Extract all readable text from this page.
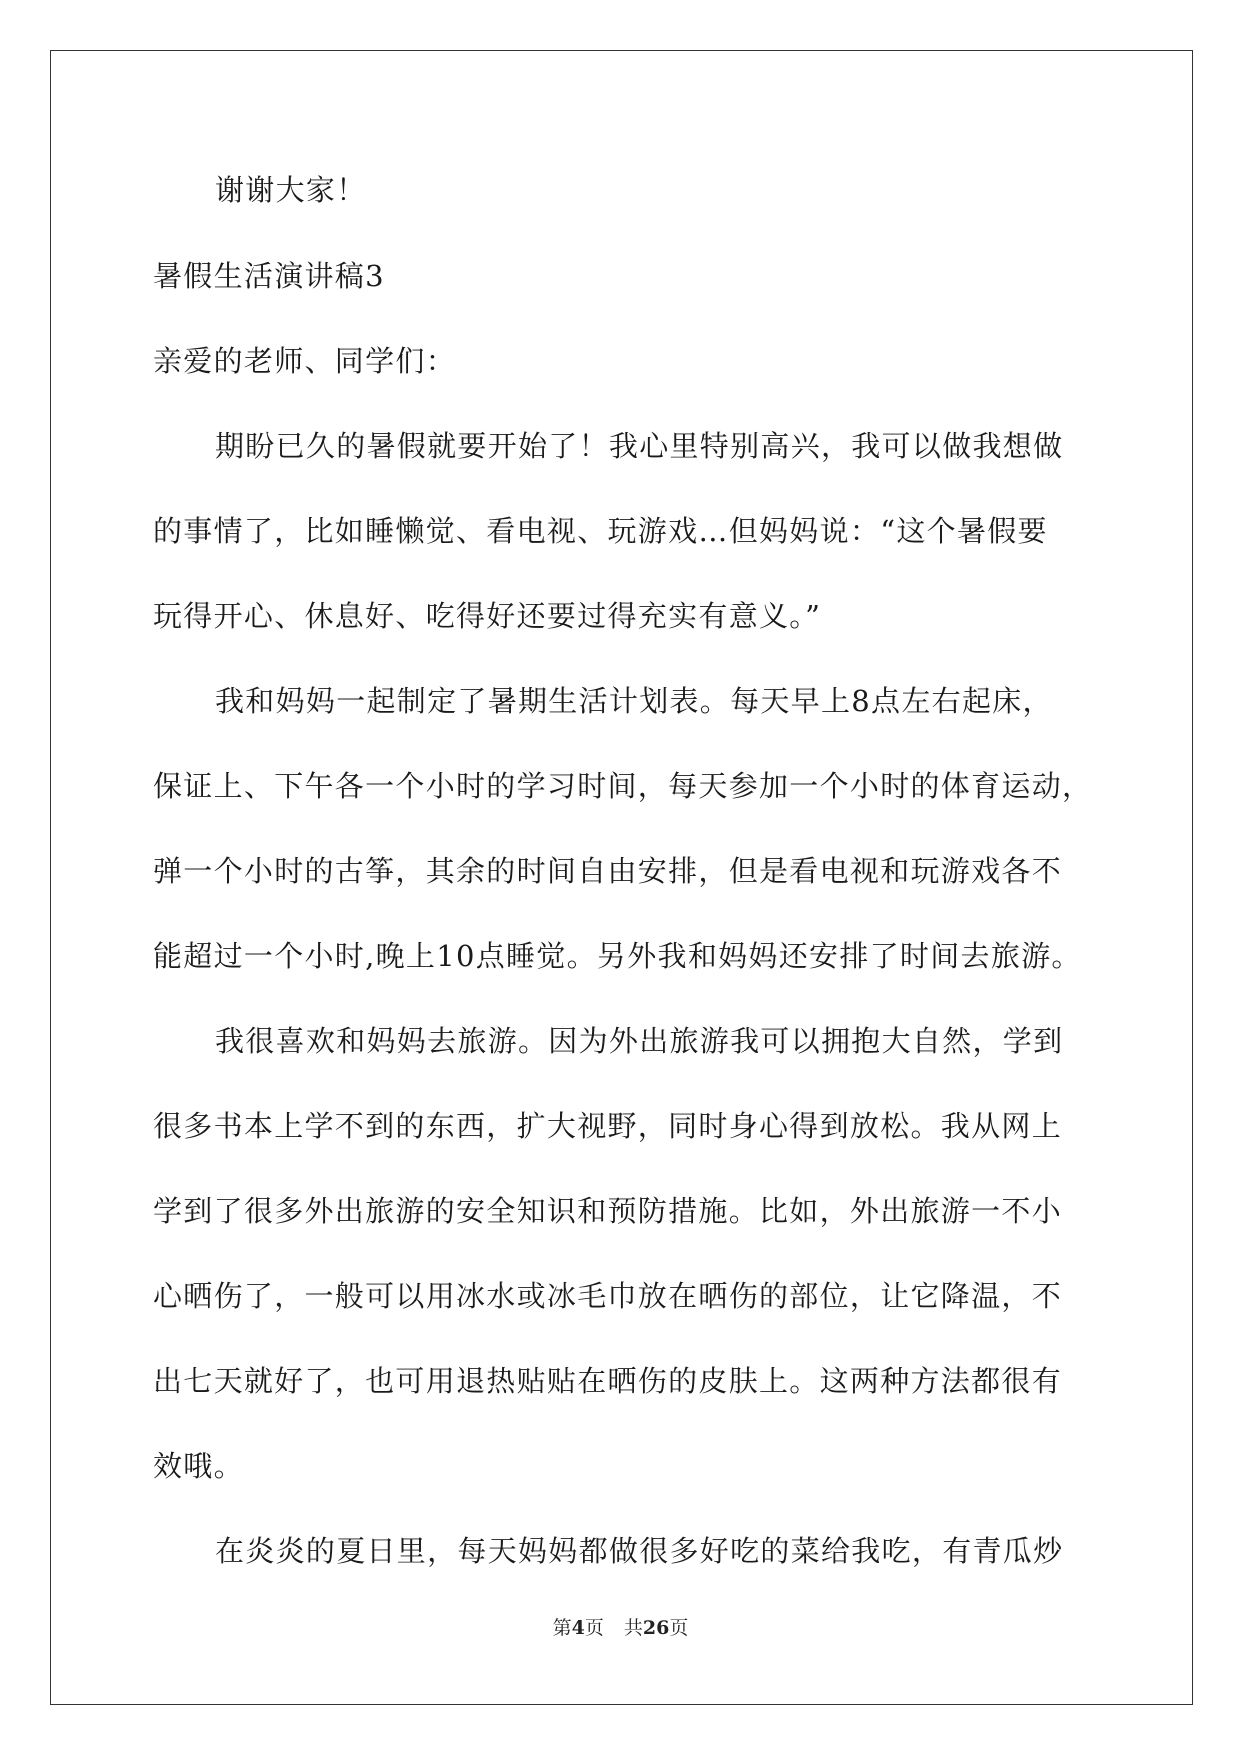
谢谢大家！
暑假生活演讲稿3
亲爱的老师、同学们：
期盼已久的暑假就要开始了！我心里特别高兴，我可以做我想做
的事情了，比如睡懒觉、看电视、玩游戏…但妈妈说：“这个暑假要
玩得开心、休息好、吃得好还要过得充实有意义。”
我和妈妈一起制定了暑期生活计划表。每天早上8点左右起床，
保证上、下午各一个小时的学习时间，每天参加一个小时的体育运动，
弹一个小时的古筝，其余的时间自由安排，但是看电视和玩游戏各不
能超过一个小时,晚上10点睡觉。另外我和妈妈还安排了时间去旅游。
我很喜欢和妈妈去旅游。因为外出旅游我可以拥抱大自然，学到
很多书本上学不到的东西，扩大视野，同时身心得到放松。我从网上
学到了很多外出旅游的安全知识和预防措施。比如，外出旅游一不小
心晒伤了，一般可以用冰水或冰毛巾放在晒伤的部位，让它降温，不
出七天就好了，也可用退热贴贴在晒伤的皮肤上。这两种方法都很有
效哦。
在炎炎的夏日里，每天妈妈都做很多好吃的菜给我吃，有青瓜炒
第4页 共26页
